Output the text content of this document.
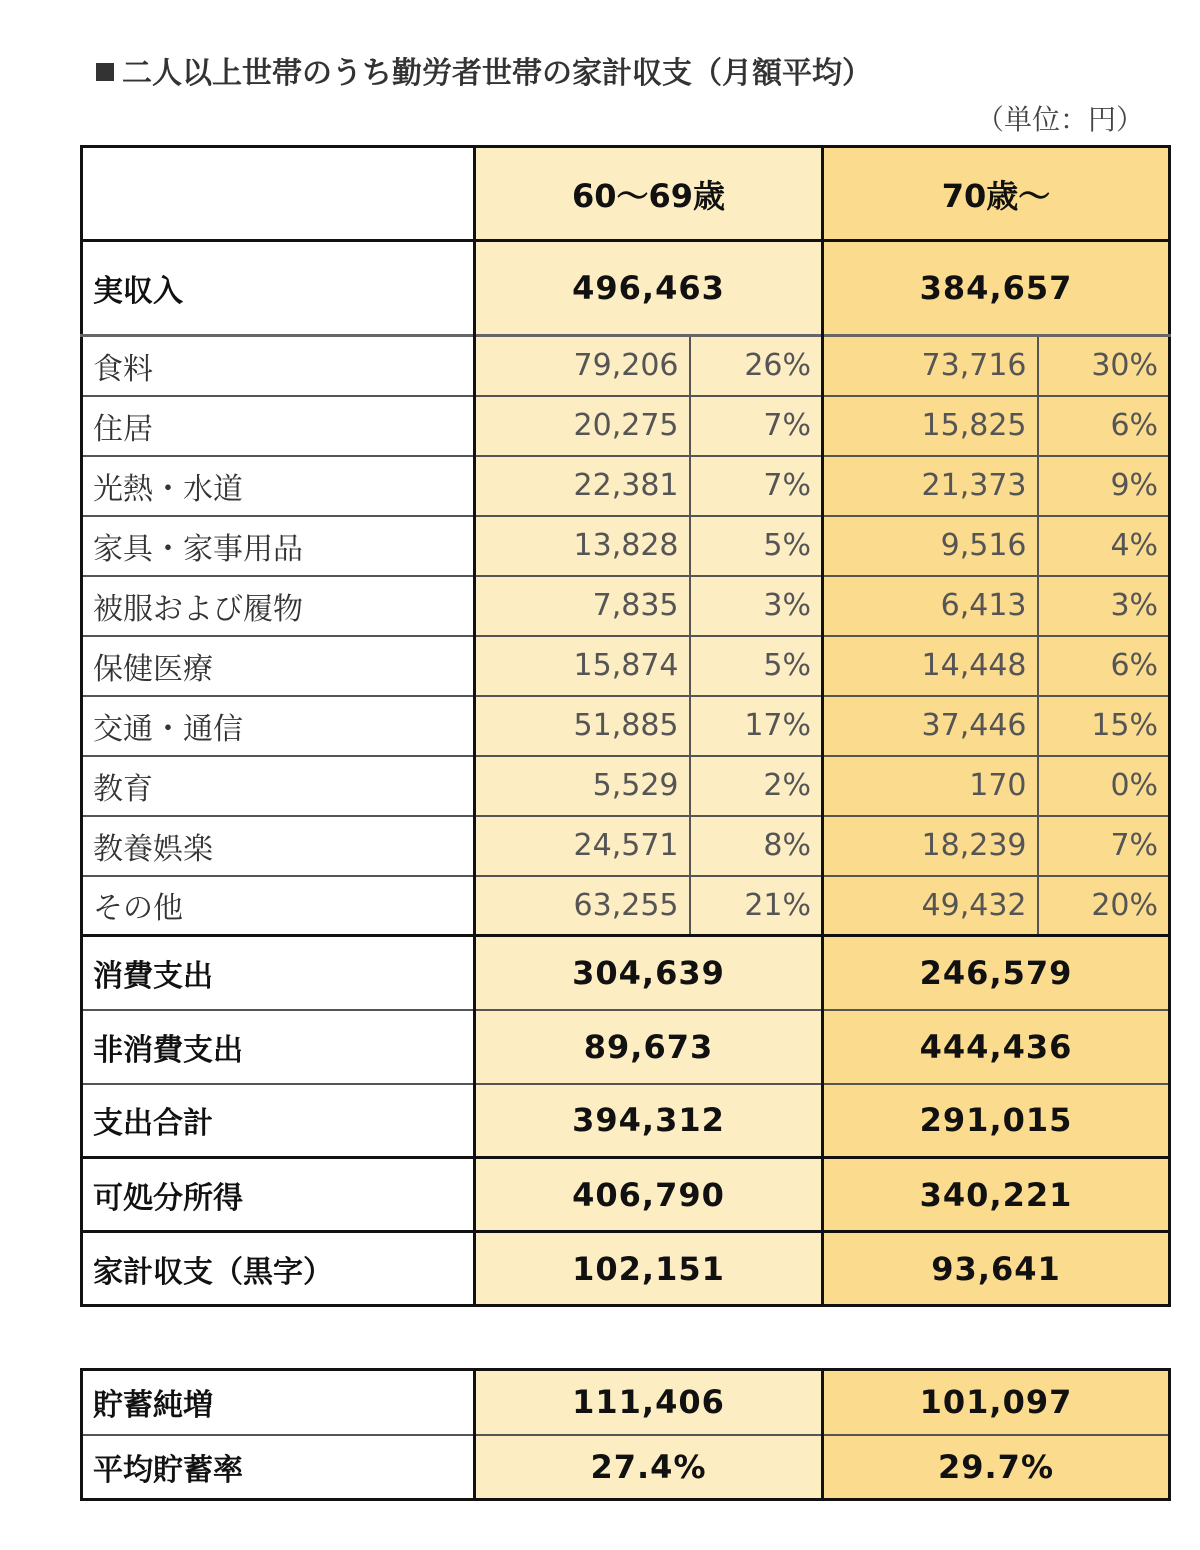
二人以上世帯のうち勤労者世帯の家計収支（月額平均）
（単位：円）
	60～69歳		70歳～	
実収入	496,463		384,657	
食料	79,206	26%	73,716	30%
住居	20,275	7%	15,825	6%
光熱・水道	22,381	7%	21,373	9%
家具・家事用品	13,828	5%	9,516	4%
被服および履物	7,835	3%	6,413	3%
保健医療	15,874	5%	14,448	6%
交通・通信	51,885	17%	37,446	15%
教育	5,529	2%	170	0%
教養娯楽	24,571	8%	18,239	7%
その他	63,255	21%	49,432	20%
消費支出	304,639		246,579	
非消費支出	89,673		444,436	
支出合計	394,312		291,015	
可処分所得	406,790		340,221	
家計収支（黒字）	102,151		93,641	
貯蓄純増	111,406	101,097
平均貯蓄率	27.4%	29.7%
